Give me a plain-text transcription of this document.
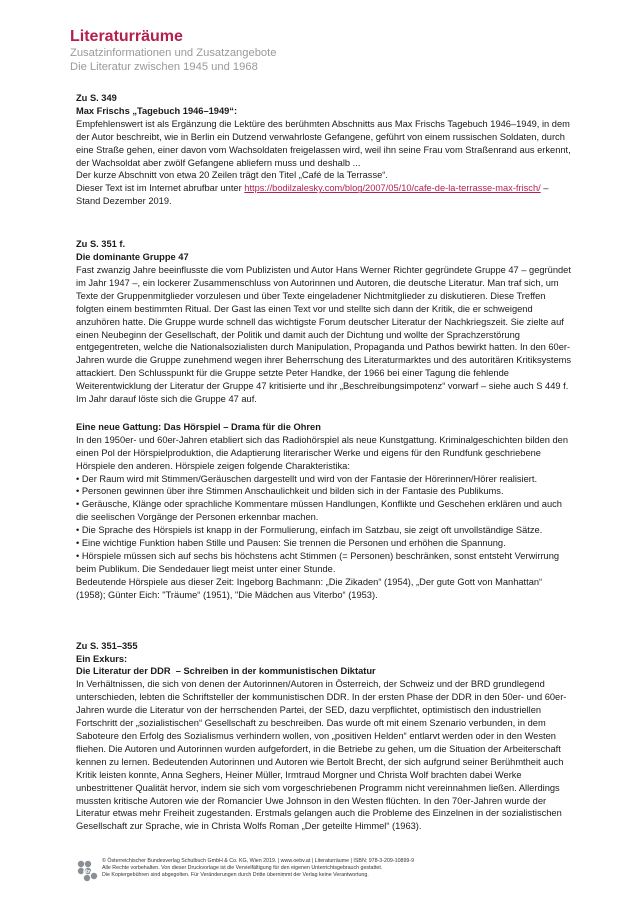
Literaturräume
Zusatzinformationen und Zusatzangebote
Die Literatur zwischen 1945 und 1968

Zu S. 349

Max Frischs „Tagebuch 1946–1949“:

Empfehlenswert ist als Ergänzung die Lektüre des berühmten Abschnitts aus Max Frischs Tagebuch 1946–1949, in dem der Autor beschreibt, wie in Berlin ein Dutzend verwahrloste Gefangene, geführt von einem russischen Soldaten, durch eine Straße gehen, einer davon vom Wachsoldaten freigelassen wird, weil ihn seine Frau vom Straßenrand aus erkennt, der Wachsoldat aber zwölf Gefangene abliefern muss und deshalb ...

Der kurze Abschnitt von etwa 20 Zeilen trägt den Titel „Café de la Terrasse“.

Dieser Text ist im Internet abrufbar unter https://bodilzalesky.com/blog/2007/05/10/cafe-de-la-terrasse-max-frisch/ – Stand Dezember 2019.

Zu S. 351 f.

Die dominante Gruppe 47

Fast zwanzig Jahre beeinflusste die vom Publizisten und Autor Hans Werner Richter gegründete Gruppe 47 – gegründet im Jahr 1947 –, ein lockerer Zusammenschluss von Autorinnen und Autoren, die deutsche Literatur. Man traf sich, um Texte der Gruppenmitglieder vorzulesen und über Texte eingeladener Nichtmitglieder zu diskutieren. Diese Treffen folgten einem bestimmten Ritual. Der Gast las einen Text vor und stellte sich dann der Kritik, die er schweigend anzuhören hatte. Die Gruppe wurde schnell das wichtigste Forum deutscher Literatur der Nachkriegszeit. Sie zielte auf einen Neubeginn der Gesellschaft, der Politik und damit auch der Dichtung und wollte der Sprachzerstörung entgegentreten, welche die Nationalsozialisten durch Manipulation, Propaganda und Pathos bewirkt hatten. In den 60er-Jahren wurde die Gruppe zunehmend wegen ihrer Beherrschung des Literaturmarktes und des autoritären Kritiksystems attackiert. Den Schlusspunkt für die Gruppe setzte Peter Handke, der 1966 bei einer Tagung die fehlende Weiterentwicklung der Literatur der Gruppe 47 kritisierte und ihr „Beschreibungsimpotenz“ vorwarf – siehe auch S 449 f. Im Jahr darauf löste sich die Gruppe 47 auf.

Eine neue Gattung: Das Hörspiel – Drama für die Ohren

In den 1950er- und 60er-Jahren etabliert sich das Radiohörspiel als neue Kunstgattung. Kriminalgeschichten bilden den einen Pol der Hörspielproduktion, die Adaptierung literarischer Werke und eigens für den Rundfunk geschriebene Hörspiele den anderen. Hörspiele zeigen folgende Charakteristika:

• Der Raum wird mit Stimmen/Geräuschen dargestellt und wird von der Fantasie der Hörerinnen/Hörer realisiert.

• Personen gewinnen über ihre Stimmen Anschaulichkeit und bilden sich in der Fantasie des Publikums.

• Geräusche, Klänge oder sprachliche Kommentare müssen Handlungen, Konflikte und Geschehen erklären und auch die seelischen Vorgänge der Personen erkennbar machen.

• Die Sprache des Hörspiels ist knapp in der Formulierung, einfach im Satzbau, sie zeigt oft unvollständige Sätze.

• Eine wichtige Funktion haben Stille und Pausen: Sie trennen die Personen und erhöhen die Spannung.

• Hörspiele müssen sich auf sechs bis höchstens acht Stimmen (= Personen) beschränken, sonst entsteht Verwirrung beim Publikum. Die Sendedauer liegt meist unter einer Stunde.

Bedeutende Hörspiele aus dieser Zeit: Ingeborg Bachmann: „Die Zikaden“ (1954), „Der gute Gott von Manhattan“ (1958); Günter Eich: "Träume“ (1951), "Die Mädchen aus Viterbo“ (1953).

Zu S. 351–355

Ein Exkurs:

Die Literatur der DDR  – Schreiben in der kommunistischen Diktatur

In Verhältnissen, die sich von denen der Autorinnen/Autoren in Österreich, der Schweiz und der BRD grundlegend unterschieden, lebten die Schriftsteller der kommunistischen DDR. In der ersten Phase der DDR in den 50er- und 60er- Jahren wurde die Literatur von der herrschenden Partei, der SED, dazu verpflichtet, optimistisch den industriellen Fortschritt der „sozialistischen“ Gesellschaft zu beschreiben. Das wurde oft mit einem Szenario verbunden, in dem Saboteure den Erfolg des Sozialismus verhindern wollen, von „positiven Helden“ entlarvt werden oder in den Westen fliehen. Die Autoren und Autorinnen wurden aufgefordert, in die Betriebe zu gehen, um die Situation der Arbeiterschaft kennen zu lernen. Bedeutenden Autorinnen und Autoren wie Bertolt Brecht, der sich aufgrund seiner Berühmtheit auch Kritik leisten konnte, Anna Seghers, Heiner Müller, Irmtraud Morgner und Christa Wolf brachten dabei Werke unbestrittener Qualität hervor, indem sie sich vom vorgeschriebenen Programm nicht vereinnahmen ließen. Allerdings mussten kritische Autoren wie der Romancier Uwe Johnson in den Westen flüchten. In den 70er-Jahren wurde der Literatur etwas mehr Freiheit zugestanden. Erstmals gelangen auch die Probleme des Einzelnen in der sozialistischen Gesellschaft zur Sprache, wie in Christa Wolfs Roman „Der geteilte Himmel“ (1963).

öbv
© Österreichischer Bundesverlag Schulbuch GmbH & Co. KG, Wien 2019. | www.oebv.at | Literaturräume | ISBN: 978-3-209-10899-9
Alle Rechte vorbehalten. Von dieser Druckvorlage ist die Vervielfältigung für den eigenen Unterrichtsgebrauch gestattet.
Die Kopiergebühren sind abgegolten. Für Veränderungen durch Dritte übernimmt der Verlag keine Verantwortung.
